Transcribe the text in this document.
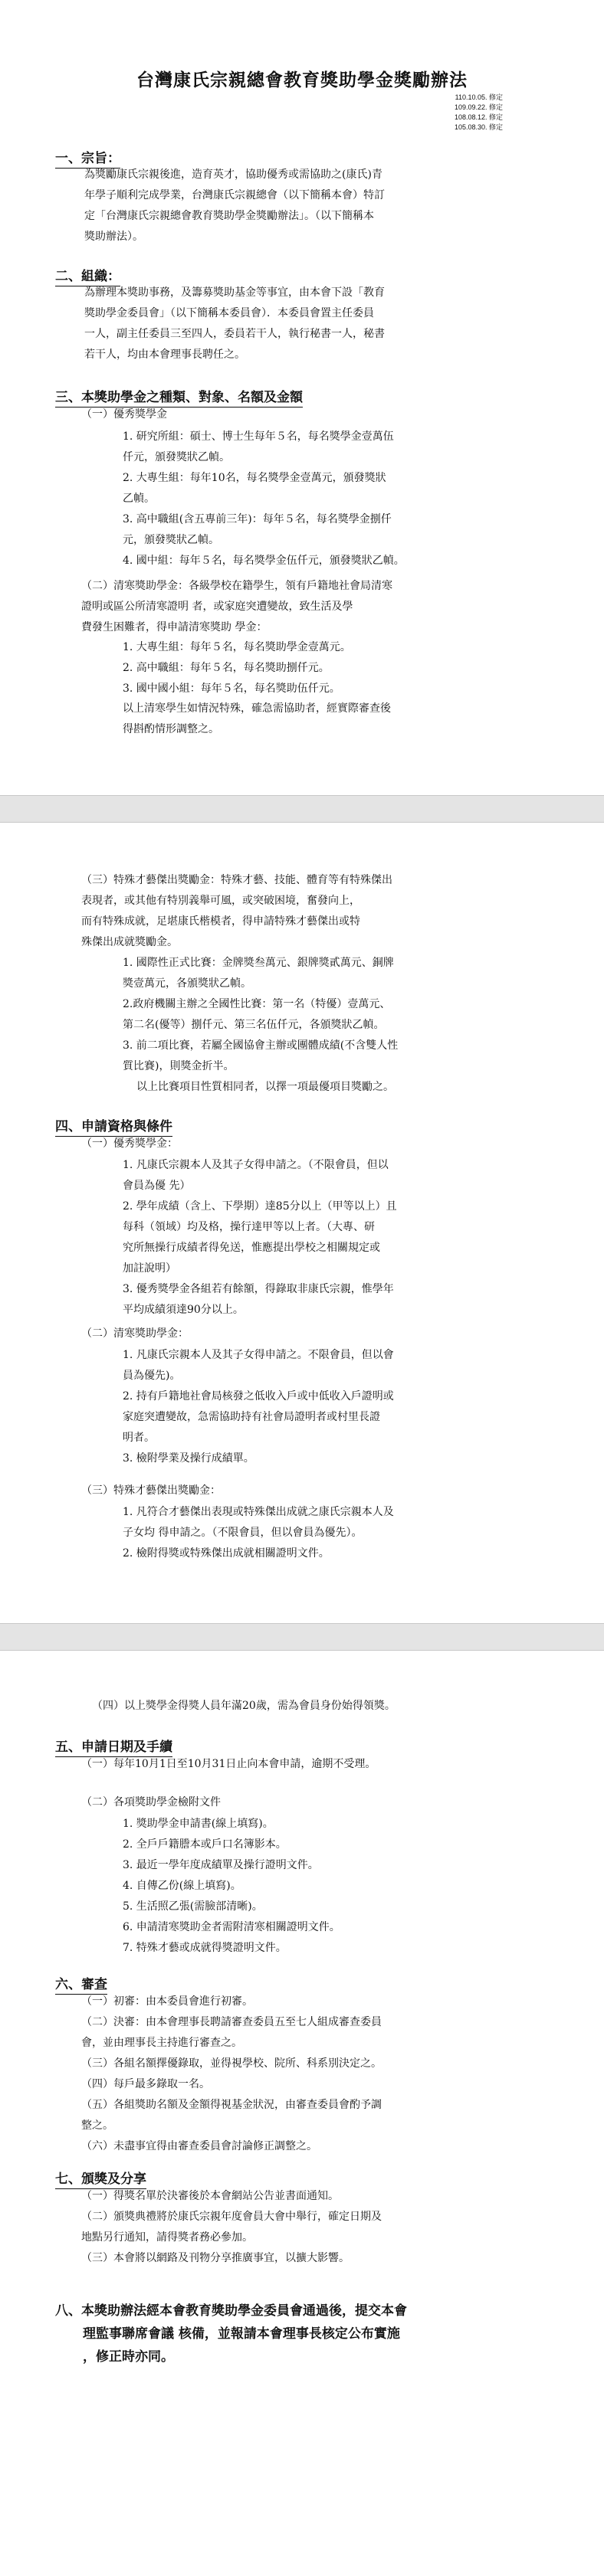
台灣康氏宗親總會教育獎助學金獎勵辦法
110.10.05. 修定
109.09.22. 修定
108.08.12. 修定
105.08.30. 修定
一、宗旨：
為獎勵康氏宗親後進，造育英才，協助優秀或需協助之(康氏)青
年學子順利完成學業，台灣康氏宗親總會（以下簡稱本會）特訂
定「台灣康氏宗親總會教育獎助學金獎勵辦法」。（以下簡稱本
獎助辦法）。
二、組織：
為辦理本獎助事務，及籌募獎助基金等事宜，由本會下設「教育
獎助學金委員會」（以下簡稱本委員會）．本委員會置主任委員
一人，副主任委員三至四人，委員若干人，執行秘書一人，秘書
若干人，均由本會理事長聘任之。
三、本獎助學金之種類、對象、名額及金額
（一）優秀獎學金
1. 研究所組：碩士、博士生每年５名，每名獎學金壹萬伍
仟元，頒發獎狀乙幀。
2. 大專生組：每年10名，每名獎學金壹萬元，頒發獎狀
乙幀。
3. 高中職組(含五專前三年)：每年５名，每名獎學金捌仟
元，頒發獎狀乙幀。
4. 國中組：每年５名，每名獎學金伍仟元，頒發獎狀乙幀。
（二）清寒獎助學金：各級學校在籍學生，領有戶籍地社會局清寒
證明或區公所清寒證明 者，或家庭突遭變故，致生活及學
費發生困難者，得申請清寒獎助 學金：
1. 大專生組：每年５名，每名獎助學金壹萬元。
2. 高中職組：每年５名，每名獎助捌仟元。
3. 國中國小組：每年５名，每名獎助伍仟元。
以上清寒學生如情況特殊，確急需協助者，經實際審查後
得斟酌情形調整之。
（三）特殊才藝傑出獎勵金：特殊才藝、技能、體育等有特殊傑出
表現者，或其他有特別義舉可風，或突破困境，奮發向上，
而有特殊成就，足堪康氏楷模者，得申請特殊才藝傑出或特
殊傑出成就獎勵金。
1. 國際性正式比賽：金牌獎叁萬元、銀牌獎貳萬元、銅牌
獎壹萬元，各頒獎狀乙幀。
2.政府機關主辦之全國性比賽：第一名（特優）壹萬元、
第二名(優等）捌仟元、第三名伍仟元，各頒獎狀乙幀。
3. 前二項比賽，若屬全國協會主辦或團體成績(不含雙人性
質比賽)，則獎金折半。
以上比賽項目性質相同者，以擇一項最優項目獎勵之。
四、申請資格與條件
（一）優秀獎學金：
1. 凡康氏宗親本人及其子女得申請之。（不限會員，但以
會員為優 先）
2. 學年成績（含上、下學期）達85分以上（甲等以上）且
每科（領域）均及格，操行達甲等以上者。（大專、研
究所無操行成績者得免送，惟應提出學校之相關規定或
加註說明）
3. 優秀獎學金各組若有餘額，得錄取非康氏宗親，惟學年
平均成績須達90分以上。
（二）清寒獎助學金：
1. 凡康氏宗親本人及其子女得申請之。不限會員，但以會
員為優先)。
2. 持有戶籍地社會局核發之低收入戶或中低收入戶證明或
家庭突遭變故，急需協助持有社會局證明者或村里長證
明者。
3. 檢附學業及操行成績單。
（三）特殊才藝傑出獎勵金：
1. 凡符合才藝傑出表現或特殊傑出成就之康氏宗親本人及
子女均 得申請之。（不限會員，但以會員為優先）。
2. 檢附得獎或特殊傑出成就相關證明文件。
（四）以上獎學金得獎人員年滿20歲，需為會員身份始得領獎。
五、申請日期及手續
（一）每年10月1日至10月31日止向本會申請，逾期不受理。
（二）各項獎助學金檢附文件
1. 獎助學金申請書(線上填寫)。
2. 全戶戶籍謄本或戶口名簿影本。
3. 最近一學年度成績單及操行證明文件。
4. 自傳乙份(線上填寫)。
5. 生活照乙張(需臉部清晰)。
6. 申請清寒獎助金者需附清寒相關證明文件。
7. 特殊才藝或成就得獎證明文件。
六、審查
（一）初審：由本委員會進行初審。
（二）決審：由本會理事長聘請審查委員五至七人組成審查委員
會，並由理事長主持進行審查之。
（三）各組名額擇優錄取，並得視學校、院所、科系別決定之。
（四）每戶最多錄取一名。
（五）各組獎助名額及金額得視基金狀況，由審查委員會酌予調
整之。
（六）未盡事宜得由審查委員會討論修正調整之。
七、頒獎及分享
（一）得獎名單於決審後於本會網站公告並書面通知。
（二）頒獎典禮將於康氏宗親年度會員大會中舉行，確定日期及
地點另行通知，請得獎者務必參加。
（三）本會將以網路及刊物分享推廣事宜，以擴大影響。
八、本獎助辦法經本會教育獎助學金委員會通過後，提交本會
理監事聯席會議 核備，並報請本會理事長核定公布實施
，修正時亦同。
